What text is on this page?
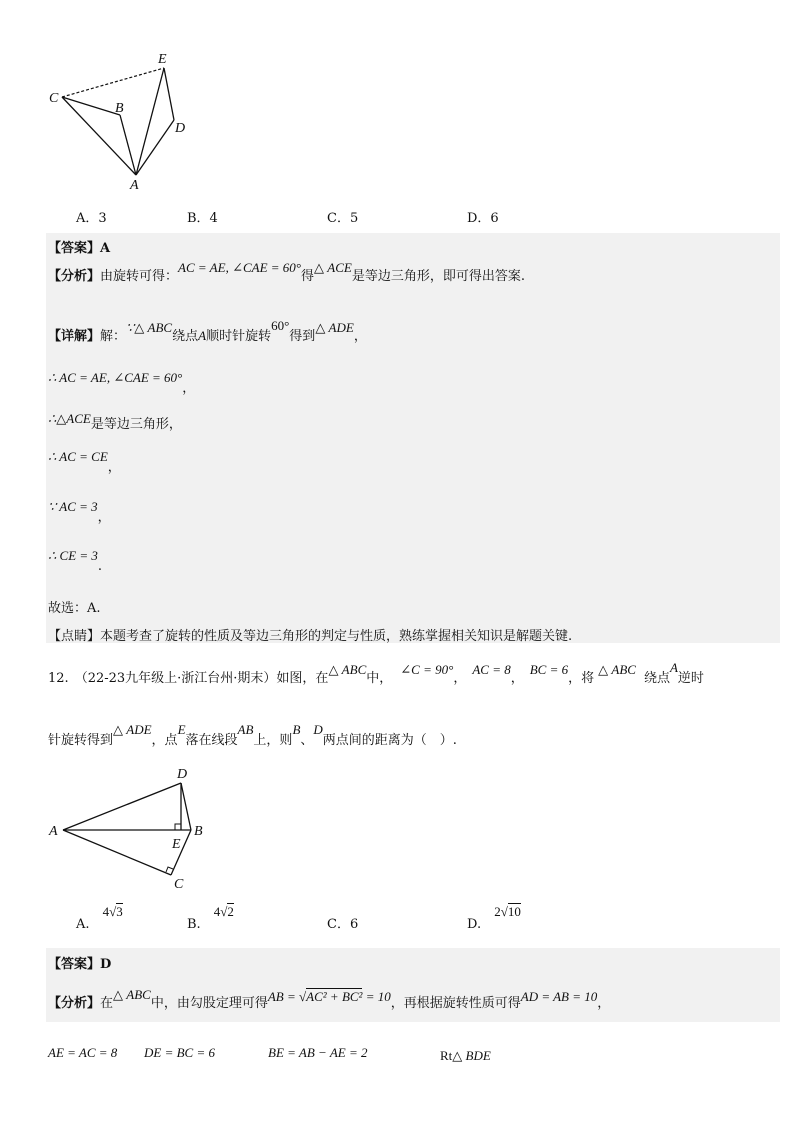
C
E
B
D
A
A．3	B．4	C．5	D．6
【答案】A
【分析】由旋转可得：$^{AC = AE, \angle CAE = 60^\circ}$得$^{\triangle ACE}$是等边三角形，即可得出答案.
【详解】解：$^{\because\triangle ABC}$绕点A顺时针旋转$^{60^\circ}$得到$^{\triangle ADE}$，
∴ AC = AE, ∠CAE = $60^\circ_,$
$^{\therefore\triangle ACE}$是等边三角形，
∴ AC = $CE_,$
∵ AC = $3_,$
∴ CE = $3_.$
故选：A.
【点睛】本题考查了旋转的性质及等边三角形的判定与性质，熟练掌握相关知识是解题关键.
12. （22-23九年级上·浙江台州·期末）如图，在$^{\triangle ABC}$中，$^{\angle C = 90^\circ}$，$^{AC = 8}$，$^{BC = 6}$，将$^{\triangle ABC}$绕点$^A$逆时
针旋转得到$^{\triangle ADE}$，点$^E$落在线段$^{AB}$上，则$^B$、$^D$两点间的距离为（　）.
D
A	B
E
C
A. $^{4√3}$
B. $^{4√2}$
C．6	D. $^{2√10}$
【答案】D
【分析】在$^{\triangle ABC}$中，由勾股定理可得$^{AB = √AC^2 + BC^2 = 10}$，再根据旋转性质可得$^{AD = AB = 10}$，
AE = AC = 8 DE = BC = 6	BE = AB − AE = 2	Rt△ BDE
